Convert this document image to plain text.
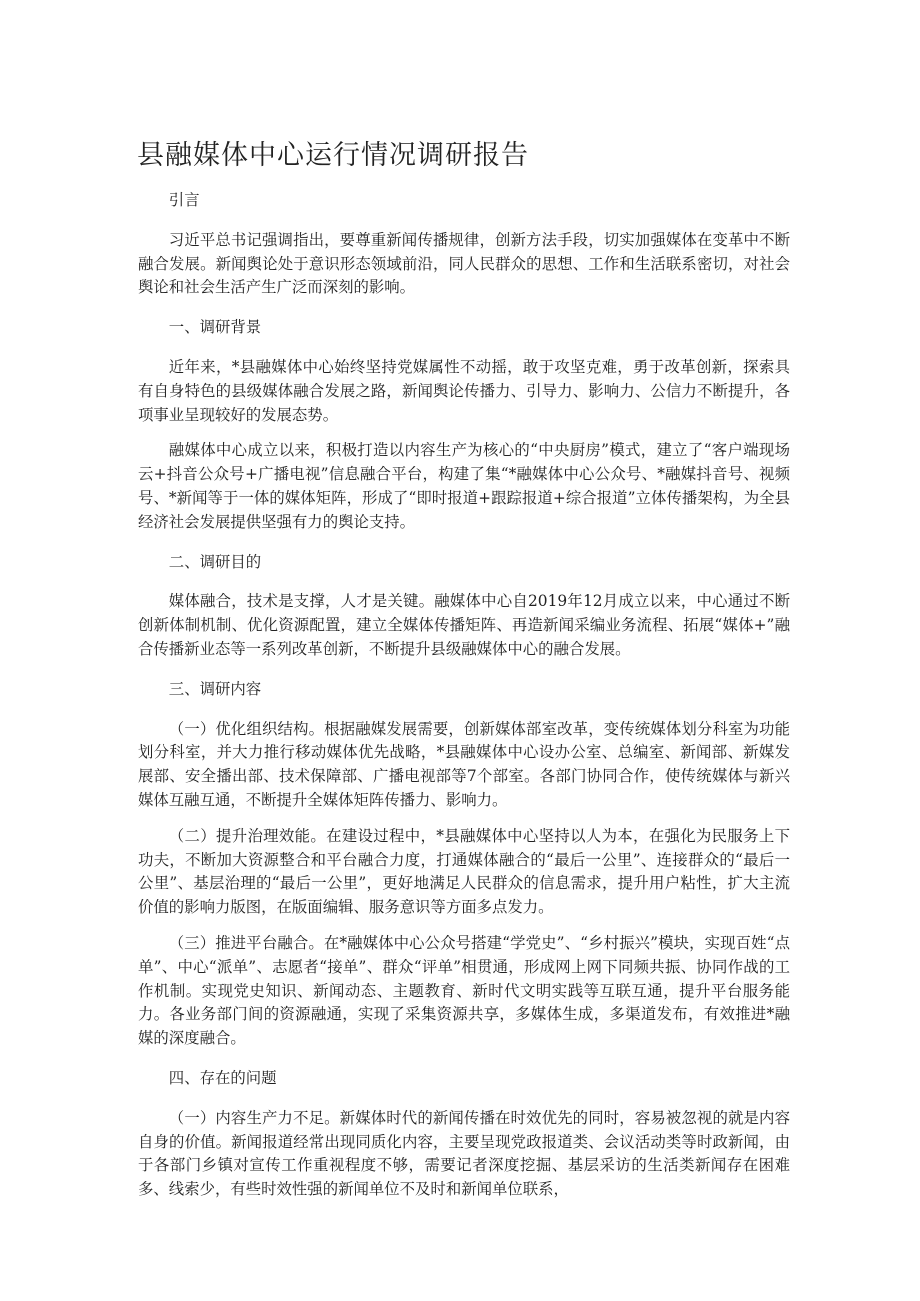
县融媒体中心运行情况调研报告

引言

习近平总书记强调指出，要尊重新闻传播规律，创新方法手段，切实加强媒体在变革中不断融合发展。新闻舆论处于意识形态领域前沿，同人民群众的思想、工作和生活联系密切，对社会舆论和社会生活产生广泛而深刻的影响。

一、调研背景

近年来，*县融媒体中心始终坚持党媒属性不动摇，敢于攻坚克难，勇于改革创新，探索具有自身特色的县级媒体融合发展之路，新闻舆论传播力、引导力、影响力、公信力不断提升，各项事业呈现较好的发展态势。

融媒体中心成立以来，积极打造以内容生产为核心的“中央厨房”模式，建立了“客户端现场云+抖音公众号+广播电视”信息融合平台，构建了集“*融媒体中心公众号、*融媒抖音号、视频号、*新闻等于一体的媒体矩阵，形成了“即时报道+跟踪报道+综合报道”立体传播架构，为全县经济社会发展提供坚强有力的舆论支持。

二、调研目的

媒体融合，技术是支撑，人才是关键。融媒体中心自2019年12月成立以来，中心通过不断创新体制机制、优化资源配置，建立全媒体传播矩阵、再造新闻采编业务流程、拓展“媒体+”融合传播新业态等一系列改革创新，不断提升县级融媒体中心的融合发展。

三、调研内容

（一）优化组织结构。根据融媒发展需要，创新媒体部室改革，变传统媒体划分科室为功能划分科室，并大力推行移动媒体优先战略，*县融媒体中心设办公室、总编室、新闻部、新媒发展部、安全播出部、技术保障部、广播电视部等7个部室。各部门协同合作，使传统媒体与新兴媒体互融互通，不断提升全媒体矩阵传播力、影响力。

（二）提升治理效能。在建设过程中，*县融媒体中心坚持以人为本，在强化为民服务上下功夫，不断加大资源整合和平台融合力度，打通媒体融合的“最后一公里”、连接群众的“最后一公里”、基层治理的“最后一公里”，更好地满足人民群众的信息需求，提升用户粘性，扩大主流价值的影响力版图，在版面编辑、服务意识等方面多点发力。

（三）推进平台融合。在*融媒体中心公众号搭建“学党史”、“乡村振兴”模块，实现百姓“点单”、中心“派单”、志愿者“接单”、群众“评单”相贯通，形成网上网下同频共振、协同作战的工作机制。实现党史知识、新闻动态、主题教育、新时代文明实践等互联互通，提升平台服务能力。各业务部门间的资源融通，实现了采集资源共享，多媒体生成，多渠道发布，有效推进*融媒的深度融合。

四、存在的问题

（一）内容生产力不足。新媒体时代的新闻传播在时效优先的同时，容易被忽视的就是内容自身的价值。新闻报道经常出现同质化内容，主要呈现党政报道类、会议活动类等时政新闻，由于各部门乡镇对宣传工作重视程度不够，需要记者深度挖掘、基层采访的生活类新闻存在困难多、线索少，有些时效性强的新闻单位不及时和新闻单位联系，
